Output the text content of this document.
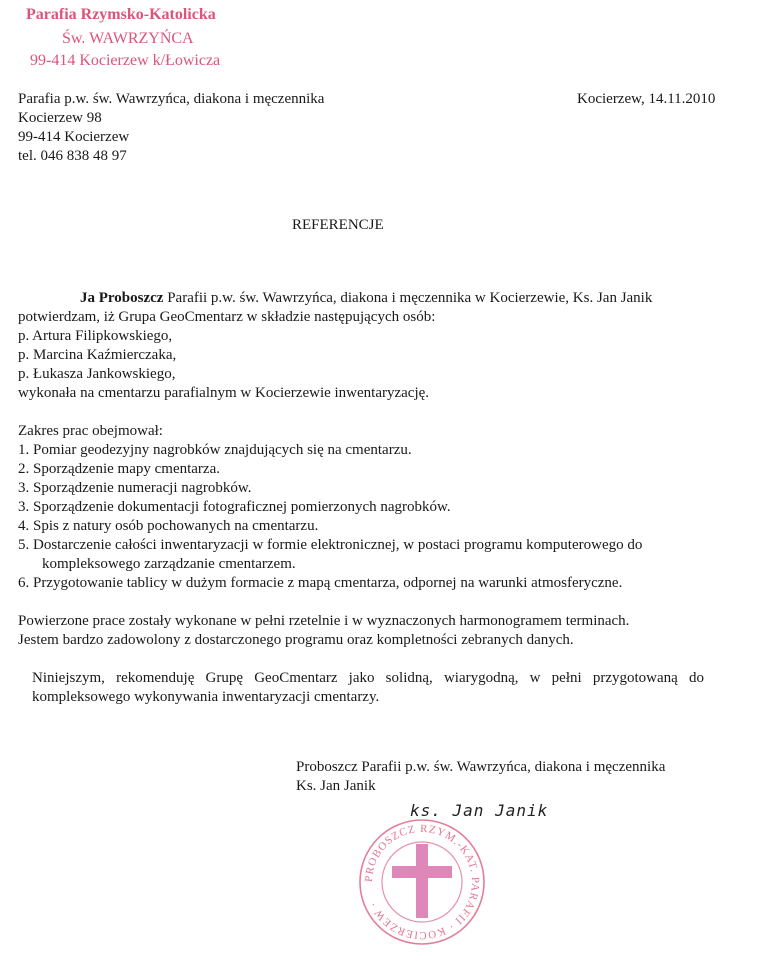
Parafia Rzymsko-Katolicka
Św. WAWRZYŃCA
99-414 Kocierzew k/Łowicza
Parafia p.w. św. Wawrzyńca, diakona i męczennika
Kocierzew 98
99-414 Kocierzew
tel. 046 838 48 97
Kocierzew, 14.11.2010
REFERENCJE
Ja Proboszcz Parafii p.w. św. Wawrzyńca, diakona i męczennika w Kocierzewie, Ks. Jan Janik
potwierdzam, iż Grupa GeoCmentarz w składzie następujących osób:
p. Artura Filipkowskiego,
p. Marcina Kaźmierczaka,
p. Łukasza Jankowskiego,
wykonała na cmentarzu parafialnym w Kocierzewie inwentaryzację.
Zakres prac obejmował:
1. Pomiar geodezyjny nagrobków znajdujących się na cmentarzu.
2. Sporządzenie mapy cmentarza.
3. Sporządzenie numeracji nagrobków.
3. Sporządzenie dokumentacji fotograficznej pomierzonych nagrobków.
4. Spis z natury osób pochowanych na cmentarzu.
5. Dostarczenie całości inwentaryzacji w formie elektronicznej, w postaci programu komputerowego do
kompleksowego zarządzanie cmentarzem.
6. Przygotowanie tablicy w dużym formacie z mapą cmentarza, odpornej na warunki atmosferyczne.
Powierzone prace zostały wykonane w pełni rzetelnie i w wyznaczonych harmonogramem terminach.
Jestem bardzo zadowolony z dostarczonego programu oraz kompletności zebranych danych.
Niniejszym, rekomenduję Grupę GeoCmentarz jako solidną, wiarygodną, w pełni przygotowaną do
kompleksowego wykonywania inwentaryzacji cmentarzy.
Proboszcz Parafii p.w. św. Wawrzyńca, diakona i męczennika
Ks. Jan Janik
ks. Jan Janik
PROBOSZCZ RZYM.-KAT. PARAFII · KOCIERZEW ·
